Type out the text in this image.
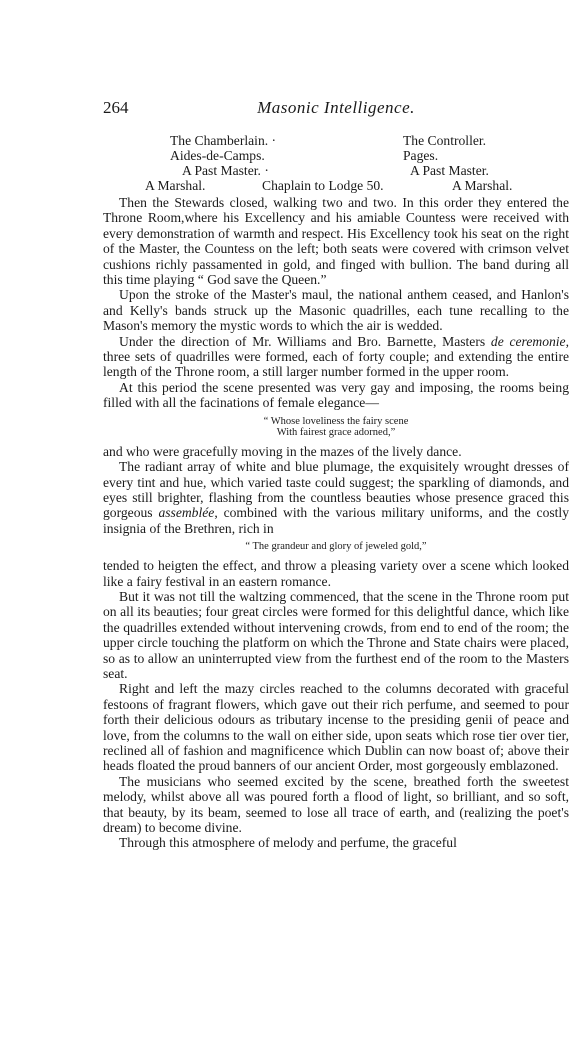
264	Masonic Intelligence.
The Chamberlain. ·	The Controller.
Aides-de-Camps.	Pages.
A Past Master. ·	A Past Master.
A Marshal.	Chaplain to Lodge 50.	A Marshal.

Then the Stewards closed, walking two and two. In this order they entered the Throne Room,where his Excellency and his amiable Countess were received with every demonstration of warmth and respect. His Excellency took his seat on the right of the Master, the Countess on the left; both seats were covered with crimson velvet cushions richly passamented in gold, and finged with bullion. The band during all this time playing “ God save the Queen.”

Upon the stroke of the Master's maul, the national anthem ceased, and Hanlon's and Kelly's bands struck up the Masonic quadrilles, each tune recalling to the Mason's memory the mystic words to which the air is wedded.

Under the direction of Mr. Williams and Bro. Barnette, Masters de ceremonie, three sets of quadrilles were formed, each of forty couple; and extending the entire length of the Throne room, a still larger number formed in the upper room.

At this period the scene presented was very gay and imposing, the rooms being filled with all the facinations of female elegance—

“ Whose loveliness the fairy scene
With fairest grace adorned,”

and who were gracefully moving in the mazes of the lively dance.

The radiant array of white and blue plumage, the exquisitely wrought dresses of every tint and hue, which varied taste could suggest; the sparkling of diamonds, and eyes still brighter, flashing from the countless beauties whose presence graced this gorgeous assemblée, combined with the various military uniforms, and the costly insignia of the Brethren, rich in

“ The grandeur and glory of jeweled gold,”

tended to heigten the effect, and throw a pleasing variety over a scene which looked like a fairy festival in an eastern romance.

But it was not till the waltzing commenced, that the scene in the Throne room put on all its beauties; four great circles were formed for this delightful dance, which like the quadrilles extended without intervening crowds, from end to end of the room; the upper circle touching the platform on which the Throne and State chairs were placed, so as to allow an uninterrupted view from the furthest end of the room to the Masters seat.

Right and left the mazy circles reached to the columns decorated with graceful festoons of fragrant flowers, which gave out their rich perfume, and seemed to pour forth their delicious odours as tributary incense to the presiding genii of peace and love, from the columns to the wall on either side, upon seats which rose tier over tier, reclined all of fashion and magnificence which Dublin can now boast of; above their heads floated the proud banners of our ancient Order, most gorgeously emblazoned.

The musicians who seemed excited by the scene, breathed forth the sweetest melody, whilst above all was poured forth a flood of light, so brilliant, and so soft, that beauty, by its beam, seemed to lose all trace of earth, and (realizing the poet's dream) to become divine.

Through this atmosphere of melody and perfume, the graceful
